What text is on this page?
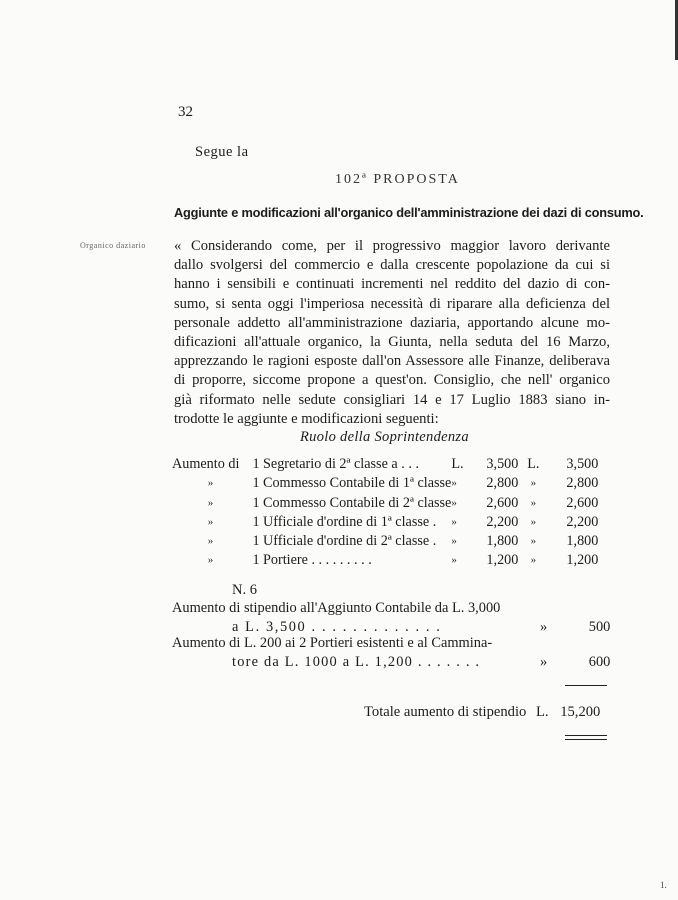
32
Segue la
102ª PROPOSTA
Aggiunte e modificazioni all'organico dell'amministrazione dei dazi di consumo.
Organico daziario « Considerando come, per il progressivo maggior lavoro derivante
dallo svolgersi del commercio e dalla crescente popolazione da cui si
hanno i sensibili e continuati incrementi nel reddito del dazio di con-
sumo, si senta oggi l'imperiosa necessità di riparare alla deficienza del
personale addetto all'amministrazione daziaria, apportando alcune mo-
dificazioni all'attuale organico, la Giunta, nella seduta del 16 Marzo,
apprezzando le ragioni esposte dall'on Assessore alle Finanze, deliberava
di proporre, siccome propone a quest'on. Consiglio, che nell' organico
già riformato nelle sedute consigliari 14 e 17 Luglio 1883 siano in-
trodotte le aggiunte e modificazioni seguenti:
Ruolo della Soprintendenza
Aumento di	1	Segretario di 2ª classe a . . .	L.	3,500	L.	3,500
»	1	Commesso Contabile di 1ª classe	»	2,800	»	2,800
»	1	Commesso Contabile di 2ª classe	»	2,600	»	2,600
»	1	Ufficiale d'ordine di 1ª classe .	»	2,200	»	2,200
»	1	Ufficiale d'ordine di 2ª classe .	»	1,800	»	1,800
»	1	Portiere . . . . . . . . .	»	1,200	»	1,200
N. 6
Aumento di stipendio all'Aggiunto Contabile da L. 3,000
a L. 3,500 . . . . . . . . . . . . .	» 500
Aumento di L. 200 ai 2 Portieri esistenti e al Camminа-
tore da L. 1000 a L. 1,200 . . . . . . .	» 600
Totale aumento di stipendio L. 15,200
1.
